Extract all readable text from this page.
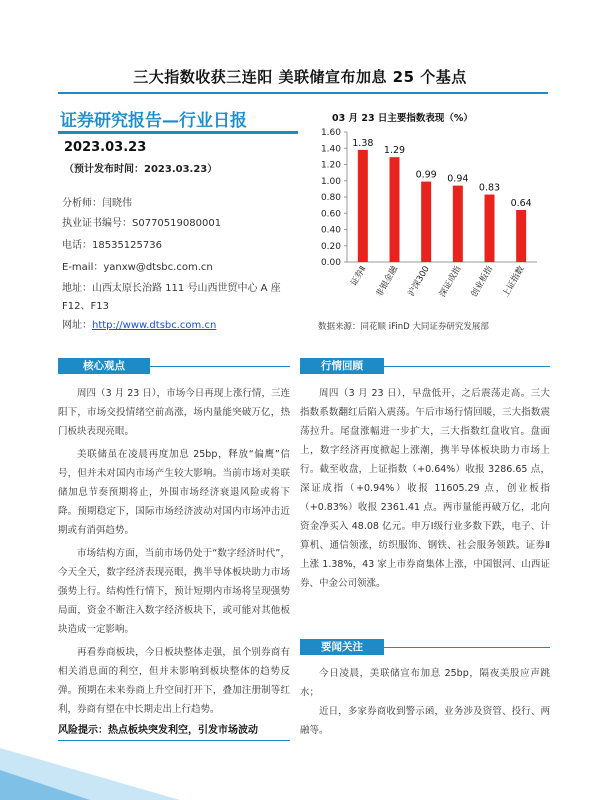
三大指数收获三连阳 美联储宣布加息 25 个基点
证券研究报告—行业日报
2023.03.23
（预计发布时间：2023.03.23）
分析师：闫晓伟
执业证书编号：S0770519080001
电话：18535125736
E-mail：yanxw@dtsbc.com.cn
地址：山西太原长治路 111 号山西世贸中心 A 座 F12、F13
网址：http://www.dtsbc.com.cn
03 月 23 日主要指数表现（%）
0.00
0.20
0.40
0.60
0.80
1.00
1.20
1.40
1.60
1.38
1.29
0.99 0.94
0.83
0.64
证券Ⅱ 非银金融 沪深300 深证成指 创业板指 上证指数
数据来源：同花顺 iFinD 大同证券研究发展部
核心观点

周四（3 月 23 日），市场今日再现上涨行情，三连阳下，市场交投情绪空前高涨，场内量能突破万亿，热门板块表现亮眼。

美联储虽在凌晨再度加息 25bp，释放“偏鹰”信号，但并未对国内市场产生较大影响。当前市场对美联储加息节奏预期将止，外围市场经济衰退风险或将下降。预期稳定下，国际市场经济波动对国内市场冲击近期或有消弭趋势。

市场结构方面，当前市场仍处于“数字经济时代”，今天全天，数字经济表现亮眼，携半导体板块助力市场强势上行。结构性行情下，预计短期内市场将呈现强势局面，资金不断注入数字经济板块下，或可能对其他板块造成一定影响。

再看券商板块，今日板块整体走强，虽个别券商有相关消息面的利空，但并未影响到板块整体的趋势反弹。预期在未来券商上升空间打开下，叠加注册制等红利，券商有望在中长期走出上行趋势。

风险提示：热点板块突发利空，引发市场波动
行情回顾

周四（3 月 23 日），早盘低开，之后震荡走高。三大指数系数翻红后陷入震荡。午后市场行情回暖，三大指数震荡拉升。尾盘涨幅进一步扩大，三大指数红盘收官。盘面上，数字经济再度掀起上涨潮，携半导体板块助力市场上行。截至收盘，上证指数（+0.64%）收报 3286.65 点，深证成指（+0.94%）收报 11605.29 点，创业板指（+0.83%）收报 2361.41 点。两市量能再破万亿，北向资金净买入 48.08 亿元。申万Ⅰ级行业多数下跌，电子、计算机、通信领涨，纺织服饰、钢铁、社会服务领跌。证券Ⅱ上涨 1.38%，43 家上市券商集体上涨，中国银河、山西证券、中金公司领涨。

要闻关注

今日凌晨，美联储宣布加息 25bp，隔夜美股应声跳水；

近日，多家券商收到警示函，业务涉及资管、投行、两融等。
